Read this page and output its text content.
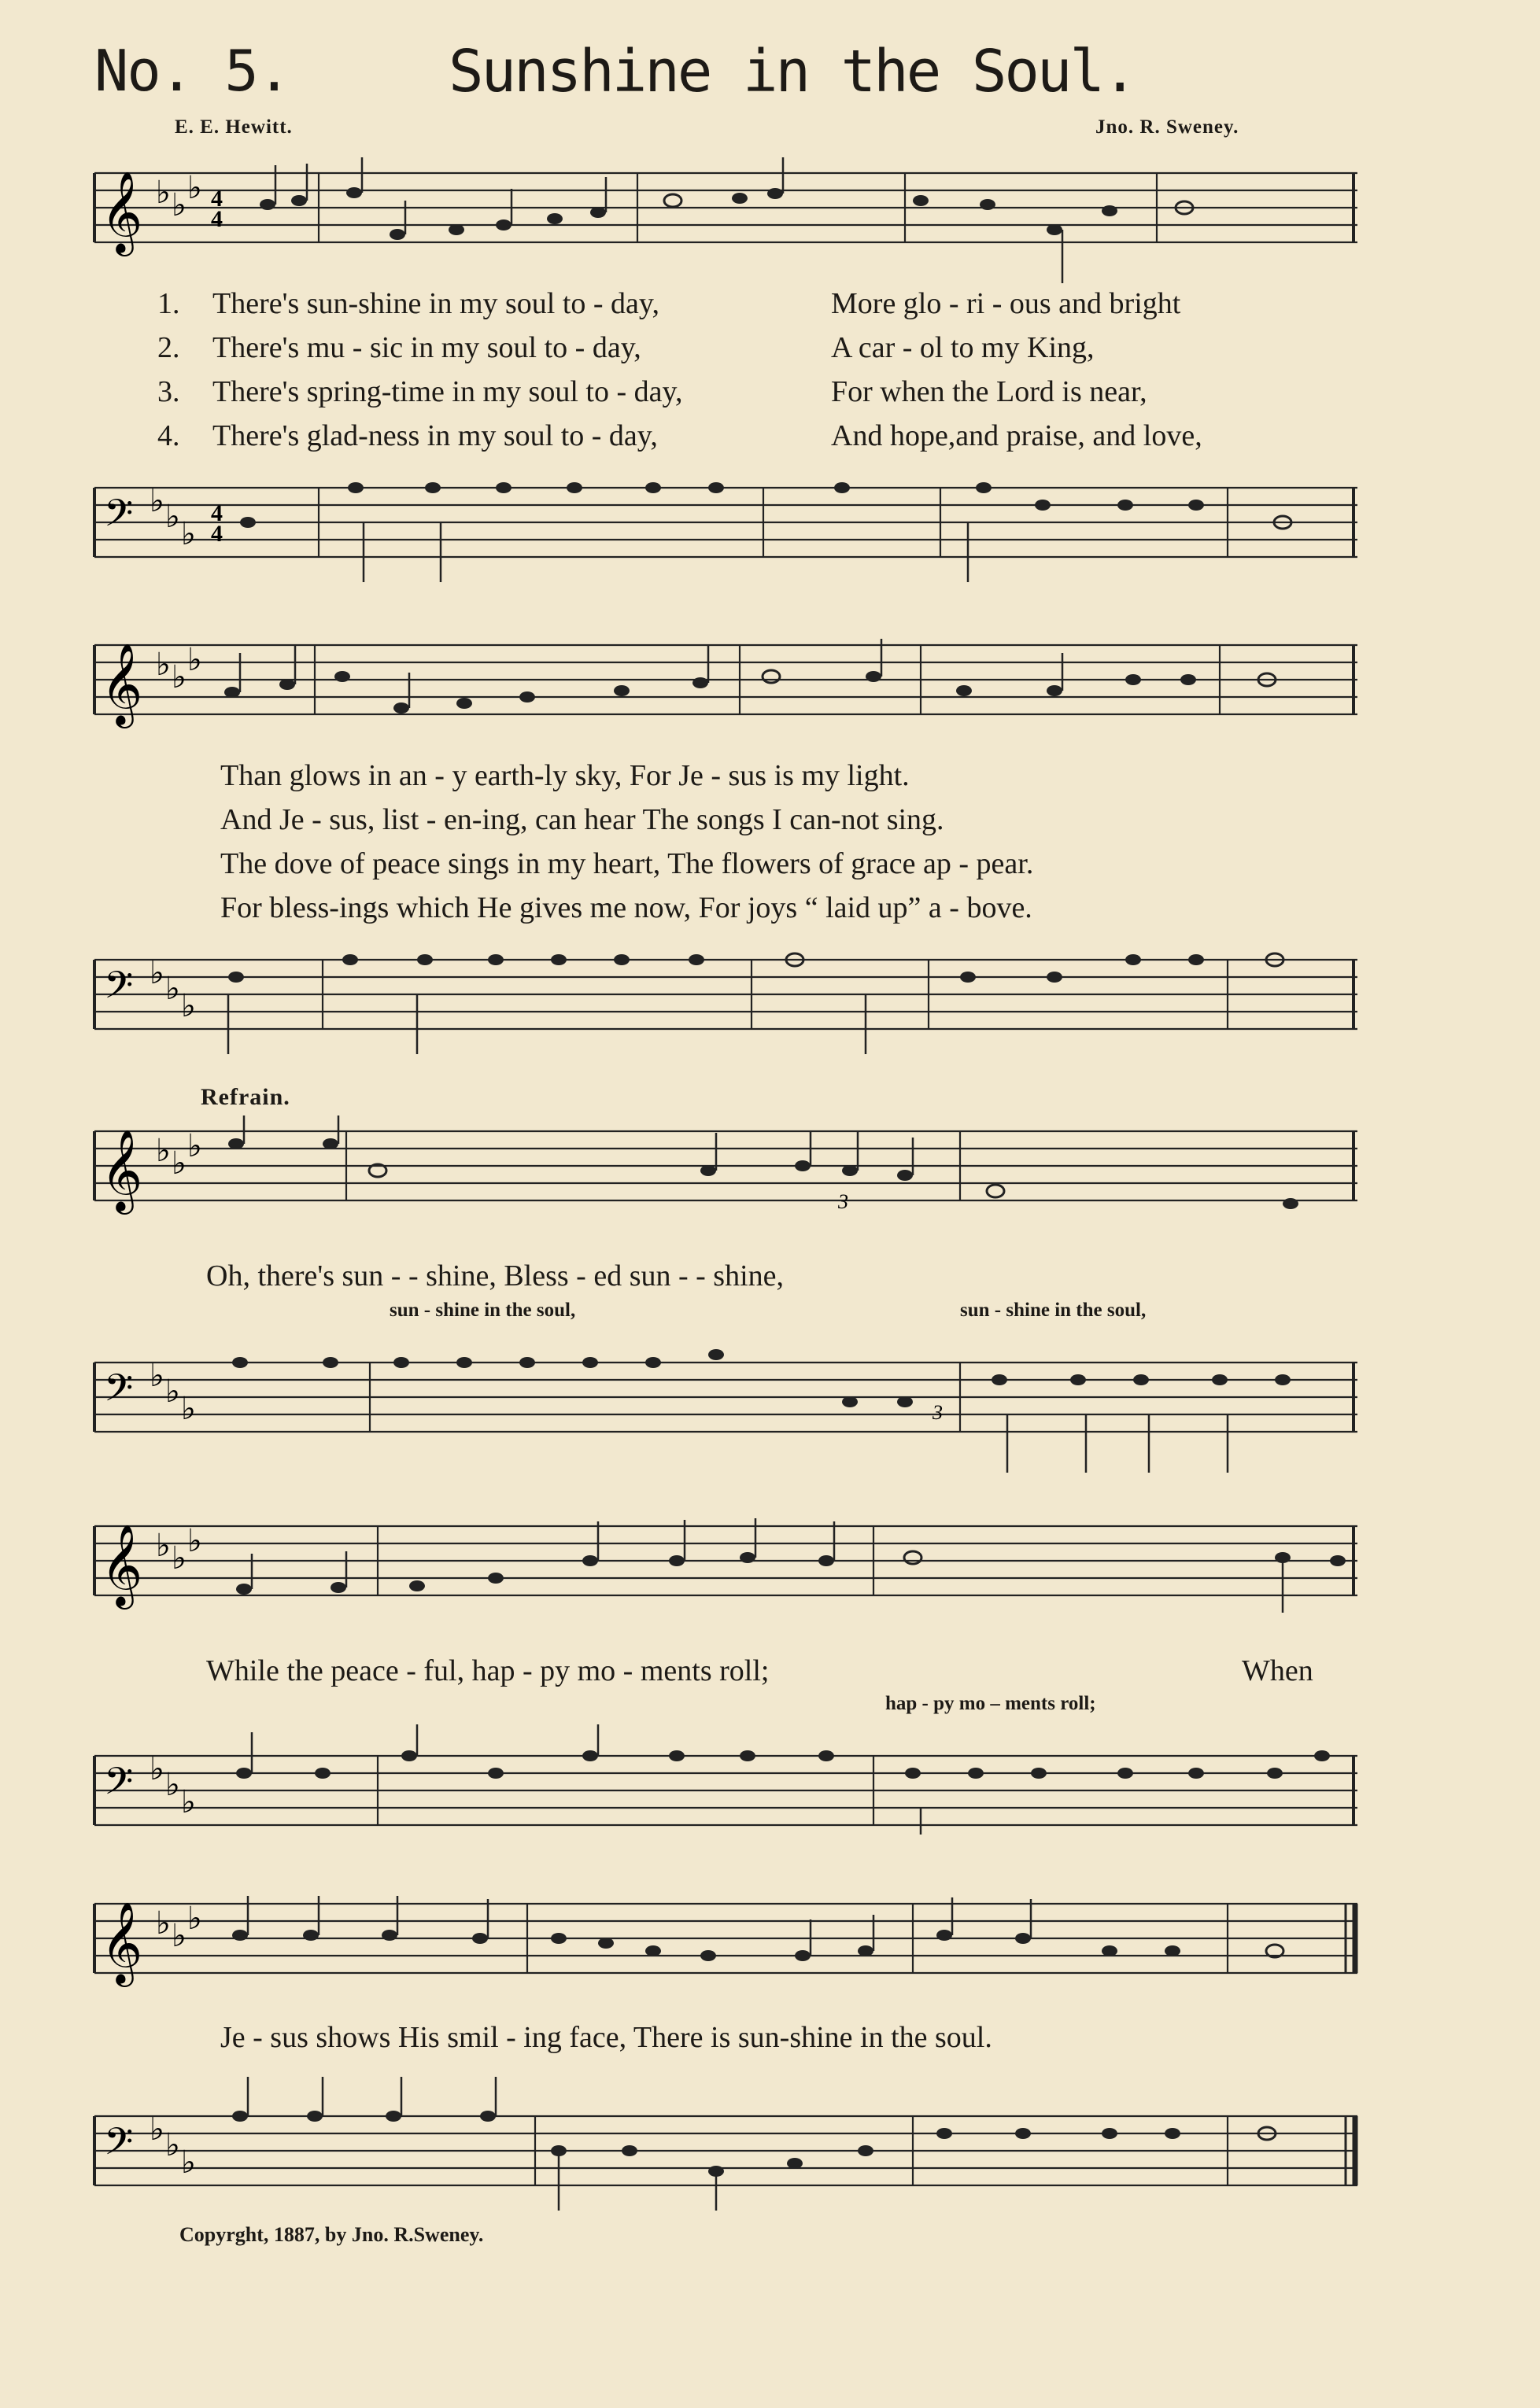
No. 5.	Sunshine in the Soul.
E. E. Hewitt.	Jno. R. Sweney.
𝄞 ♭ ♭ ♭ 4
4
1.	There's sun-shine in my soul to - day,	More glo - ri - ous and bright
2.	There's mu - sic in my soul to - day,	A car - ol to my King,
3.	There's spring-time in my soul to - day,	For when the Lord is near,
4.	There's glad-ness in my soul to - day,	And hope,and praise, and love,
𝄢 ♭ ♭ ♭
4
4
𝄞 ♭ ♭ ♭
Than glows in an - y earth-ly sky, For Je - sus is my light.
And Je - sus, list - en-ing, can hear The songs I can-not sing.
The dove of peace sings in my heart, The flowers of grace ap - pear.
For bless-ings which He gives me now, For joys “ laid up” a - bove.
𝄢 ♭ ♭ ♭
Refrain.
𝄞 ♭ ♭ ♭
3
Oh, there's sun - - shine, Bless - ed sun - - shine,
sun - shine in the soul,	sun - shine in the soul,
𝄢 ♭ ♭ ♭	3
𝄞 ♭ ♭ ♭
While the peace - ful, hap - py mo - ments roll;	When
hap - py mo – ments roll;
𝄢 ♭ ♭ ♭
𝄞 ♭ ♭ ♭
Je - sus shows His smil - ing face, There is sun-shine in the soul.
𝄢 ♭ ♭ ♭
Copyrght, 1887, by Jno. R.Sweney.
